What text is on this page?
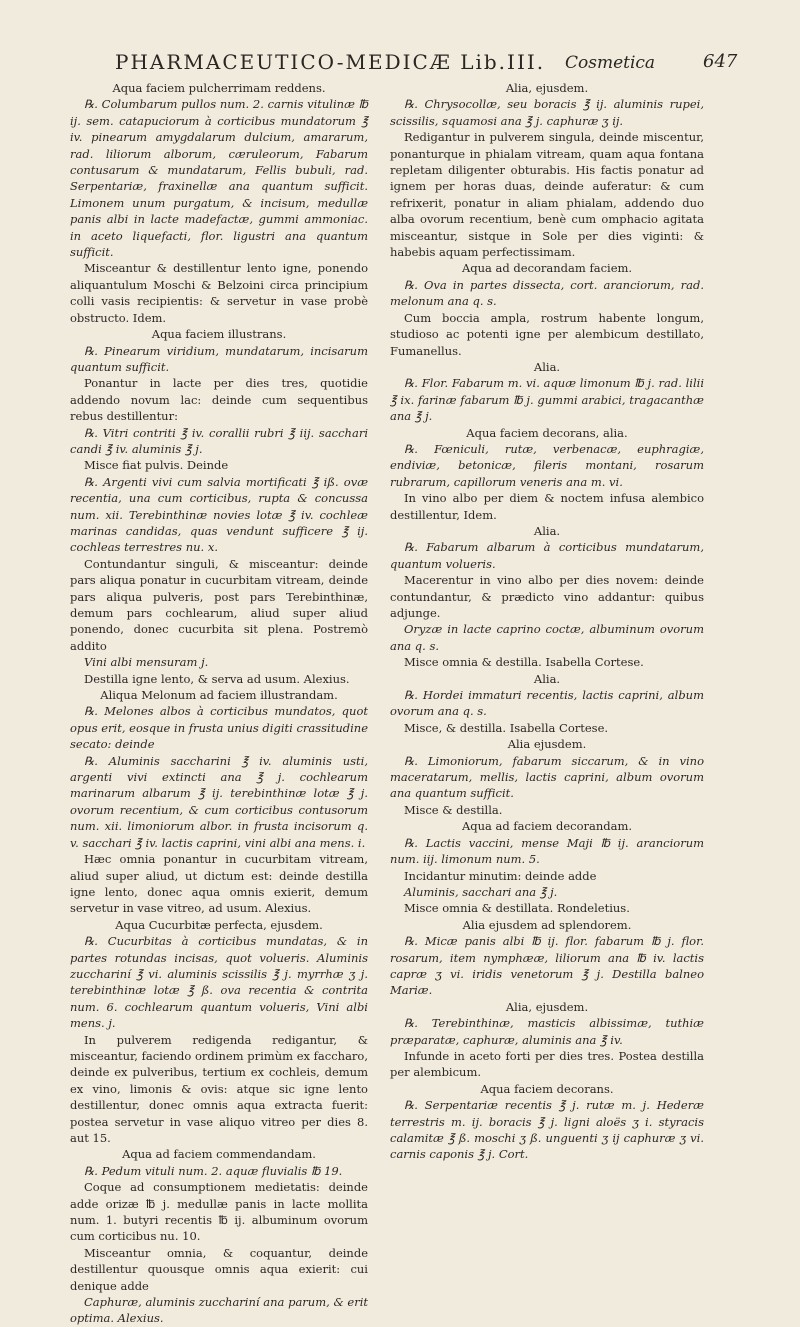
PHARMACEUTICO-MEDICÆ Lib.III. Cosmetica	647

Aqua faciem pulcherrimam reddens.

℞. Columbarum pullos num. 2. carnis vitulinæ ℔ ij. sem. catapuciorum à corticibus mundatorum ℥ iv. pinearum amygdalarum dulcium, amararum, rad. liliorum alborum, cæruleorum, Fabarum contusarum & mundatarum, Fellis bubuli, rad. Serpentariæ, fraxinellæ ana quantum sufficit. Limonem unum purgatum, & incisum, medullæ panis albi in lacte madefactæ, gummi ammoniac. in aceto liquefacti, flor. ligustri ana quantum sufficit.

Misceantur & destillentur lento igne, ponendo aliquantulum Moschi & Belzoini circa principium colli vasis recipientis: & servetur in vase probè obstructo. Idem.

Aqua faciem illustrans.

℞. Pinearum viridium, mundatarum, incisarum quantum sufficit.

Ponantur in lacte per dies tres, quotidie addendo novum lac: deinde cum sequentibus rebus destillentur:

℞. Vitri contriti ℥ iv. corallii rubri ℥ iij. sacchari candi ℥ iv. aluminis ℥ j.

Misce fiat pulvis. Deinde

℞. Argenti vivi cum salvia mortificati ℥ iß. ovæ recentia, una cum corticibus, rupta & concussa num. xii. Terebinthinæ novies lotæ ℥ iv. cochleæ marinas candidas, quas vendunt sufficere ℥ ij. cochleas terrestres nu. x.

Contundantur singuli, & misceantur: deinde pars aliqua ponatur in cucurbitam vitream, deinde pars aliqua pulveris, post pars Terebinthinæ, demum pars cochlearum, aliud super aliud ponendo, donec cucurbita sit plena. Postremò addito

Vini albi mensuram j.

Destilla igne lento, & serva ad usum. Alexius.

Aliqua Melonum ad faciem illustrandam.

℞. Melones albos à corticibus mundatos, quot opus erit, eosque in frusta unius digiti crassitudine secato: deinde

℞. Aluminis saccharini ℥ iv. aluminis usti, argenti vivi extincti ana ℥ j. cochlearum marinarum albarum ℥ ij. terebinthinæ lotæ ℥ j. ovorum recentium, & cum corticibus contusorum num. xii. limoniorum albor. in frusta incisorum q. v. sacchari ℥ iv. lactis caprini, vini albi ana mens. i.

Hæc omnia ponantur in cucurbitam vitream, aliud super aliud, ut dictum est: deinde destilla igne lento, donec aqua omnis exierit, demum servetur in vase vitreo, ad usum. Alexius.

Aqua Cucurbitæ perfecta, ejusdem.

℞. Cucurbitas à corticibus mundatas, & in partes rotundas incisas, quot volueris. Aluminis zucchariní ℥ vi. aluminis scissilis ℥ j. myrrhæ ʒ j. terebinthinæ lotæ ℥ ß. ova recentia & contrita num. 6. cochlearum quantum volueris, Vini albi mens. j.

In pulverem redigenda redigantur, & misceantur, faciendo ordinem primùm ex faccharo, deinde ex pulveribus, tertium ex cochleis, demum ex vino, limonis & ovis: atque sic igne lento destillentur, donec omnis aqua extracta fuerit: postea servetur in vase aliquo vitreo per dies 8. aut 15.

Aqua ad faciem commendandam.

℞. Pedum vituli num. 2. aquæ fluvialis ℔ 19.

Coque ad consumptionem medietatis: deinde adde orizæ ℔ j. medullæ panis in lacte mollita num. 1. butyri recentis ℔ ij. albuminum ovorum cum corticibus nu. 10.

Misceantur omnia, & coquantur, deinde destillentur quousque omnis aqua exierit: cui denique adde

Caphuræ, aluminis zucchariní ana parum, & erit optima. Alexius.

Alia, ejusdem.

℞. Chrysocollæ, seu boracis ℥ ij. aluminis rupei, scissilis, squamosi ana ℥ j. caphuræ ʒ ij.

Redigantur in pulverem singula, deinde miscentur, ponanturque in phialam vitream, quam aqua fontana repletam diligenter obturabis. His factis ponatur ad ignem per horas duas, deinde auferatur: & cum refrixerit, ponatur in aliam phialam, addendo duo alba ovorum recentium, benè cum omphacio agitata misceantur, sistque in Sole per dies viginti: & habebis aquam perfectissimam.

Aqua ad decorandam faciem.

℞. Ova in partes dissecta, cort. aranciorum, rad. melonum ana q. s.

Cum boccia ampla, rostrum habente longum, studioso ac potenti igne per alembicum destillato, Fumanellus.

Alia.

℞. Flor. Fabarum m. vi. aquæ limonum ℔ j. rad. lilii ℥ ix. farinæ fabarum ℔ j. gummi arabici, tragacanthæ ana ℥ j.

Aqua faciem decorans, alia.

℞. Fœniculi, rutæ, verbenacæ, euphragiæ, endiviæ, betonicæ, fileris montani, rosarum rubrarum, capillorum veneris ana m. vi.

In vino albo per diem & noctem infusa alembico destillentur, Idem.

Alia.

℞. Fabarum albarum à corticibus mundatarum, quantum volueris.

Macerentur in vino albo per dies novem: deinde contundantur, & prædicto vino addantur: quibus adjunge.

Oryzæ in lacte caprino coctæ, albuminum ovorum ana q. s.

Misce omnia & destilla. Isabella Cortese.

Alia.

℞. Hordei immaturi recentis, lactis caprini, album ovorum ana q. s.

Misce, & destilla. Isabella Cortese.

Alia ejusdem.

℞. Limoniorum, fabarum siccarum, & in vino maceratarum, mellis, lactis caprini, album ovorum ana quantum sufficit.

Misce & destilla.

Aqua ad faciem decorandam.

℞. Lactis vaccini, mense Maji ℔ ij. aranciorum num. iij. limonum num. 5.

Incidantur minutim: deinde adde

Aluminis, sacchari ana ℥ j.

Misce omnia & destillata. Rondeletius.

Alia ejusdem ad splendorem.

℞. Micæ panis albi ℔ ij. flor. fabarum ℔ j. flor. rosarum, item nymphææ, liliorum ana ℔ iv. lactis capræ ʒ vi. iridis venetorum ℥ j. Destilla balneo Mariæ.

Alia, ejusdem.

℞. Terebinthinæ, masticis albissimæ, tuthiæ præparatæ, caphuræ, aluminis ana ℥ iv.

Infunde in aceto forti per dies tres. Postea destilla per alembicum.

Aqua faciem decorans.

℞. Serpentariæ recentis ℥ j. rutæ m. j. Hederæ terrestris m. ij. boracis ℥ j. ligni aloës ʒ i. styracis calamitæ ℥ ß. moschi ʒ ß. unguenti ʒ ij caphuræ ʒ vi. carnis caponis ℥ j. Cort.
